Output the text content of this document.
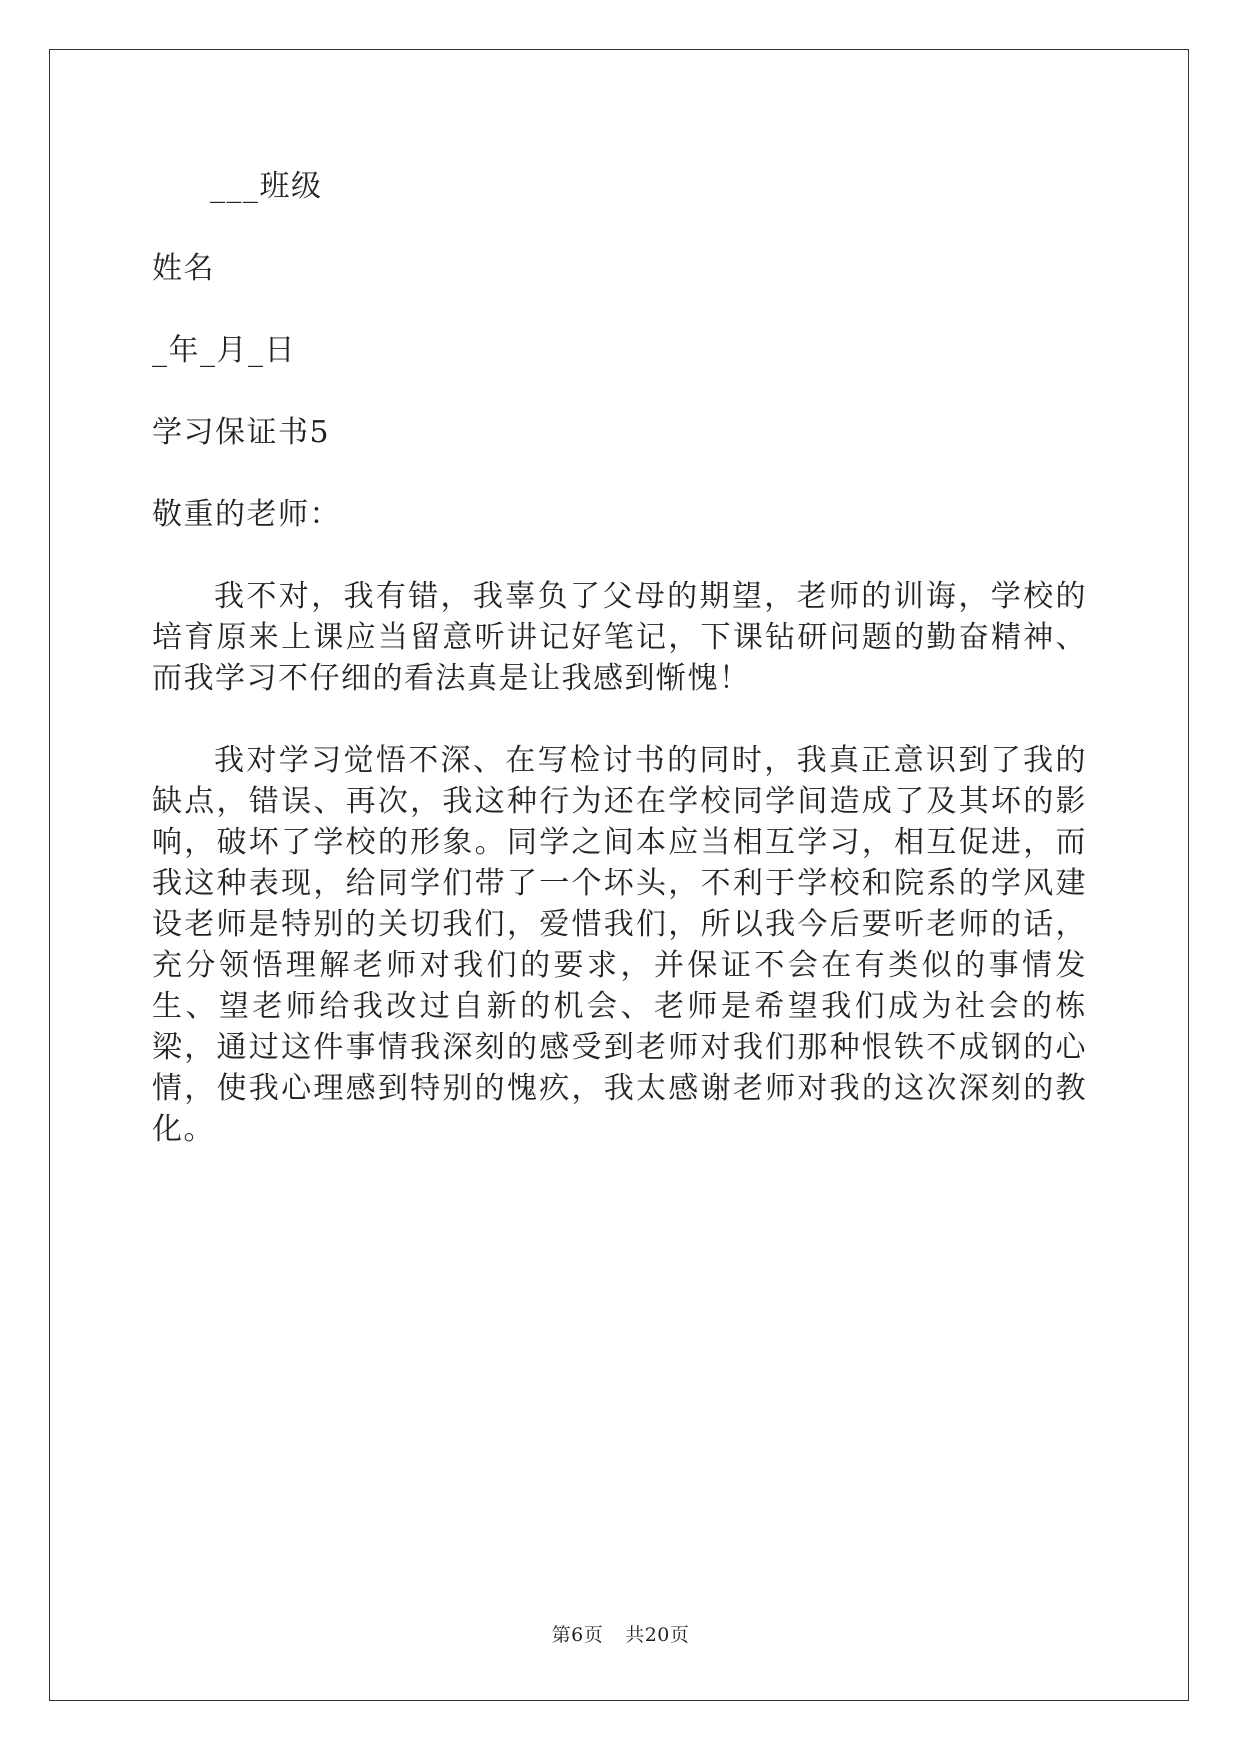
___班级

姓名

_年_月_日

学习保证书5

敬重的老师：

我不对，我有错，我辜负了父母的期望，老师的训诲，学校的培育原来上课应当留意听讲记好笔记，下课钻研问题的勤奋精神、而我学习不仔细的看法真是让我感到惭愧！

我对学习觉悟不深、在写检讨书的同时，我真正意识到了我的缺点，错误、再次，我这种行为还在学校同学间造成了及其坏的影响，破坏了学校的形象。同学之间本应当相互学习，相互促进，而我这种表现，给同学们带了一个坏头，不利于学校和院系的学风建设老师是特别的关切我们，爱惜我们，所以我今后要听老师的话，充分领悟理解老师对我们的要求，并保证不会在有类似的事情发生、望老师给我改过自新的机会、老师是希望我们成为社会的栋梁，通过这件事情我深刻的感受到老师对我们那种恨铁不成钢的心情，使我心理感到特别的愧疚，我太感谢老师对我的这次深刻的教化。

第6页 共20页
